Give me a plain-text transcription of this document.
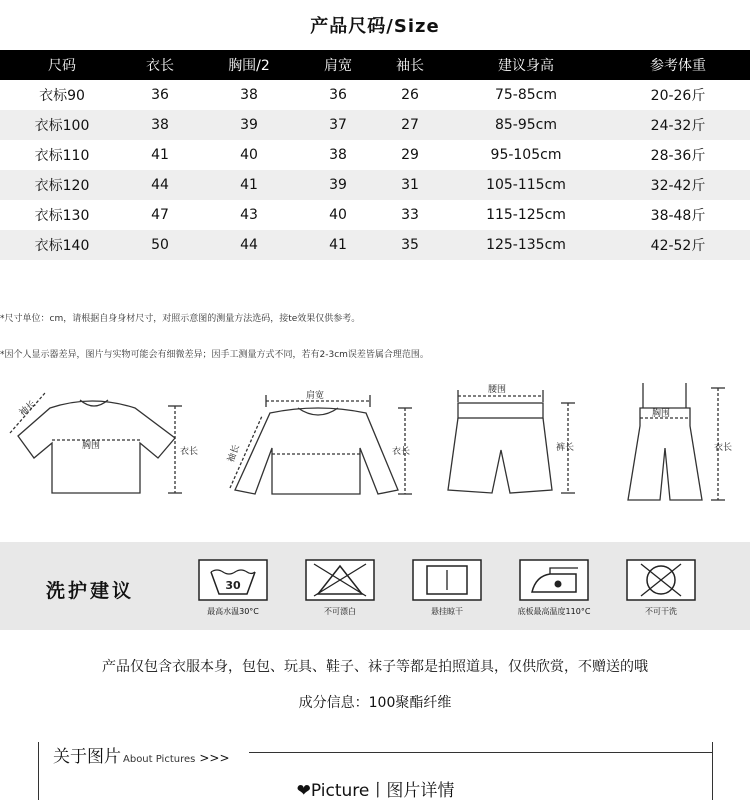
产品尺码/Size
尺码	衣长	胸围/2	肩宽	袖长	建议身高	参考体重
衣标90	36	38	36	26	75-85cm	20-26斤
衣标100	38	39	37	27	85-95cm	24-32斤
衣标110	41	40	38	29	95-105cm	28-36斤
衣标120	44	41	39	31	105-115cm	32-42斤
衣标130	47	43	40	33	115-125cm	38-48斤
衣标140	50	44	41	35	125-135cm	42-52斤
*尺寸单位：cm，请根据自身身材尺寸，对照示意图的测量方法选码，接te效果仅供参考。
*因个人显示器差异，图片与实物可能会有细微差异；因手工测量方式不同，若有2-3cm误差皆属合理范围。
袖长
胸围
衣长
肩宽
袖长	衣长
腰围
裤长
胸围
衣长
洗护建议	30
最高水温30°C	不可漂白	悬挂晾干	底板最高温度110°C	不可干洗
产品仅包含衣服本身，包包、玩具、鞋子、袜子等都是拍照道具，仅供欣赏，不赠送的哦
成分信息：100聚酯纤维
关于图片 About Pictures >>>
❤Picture丨图片详情
